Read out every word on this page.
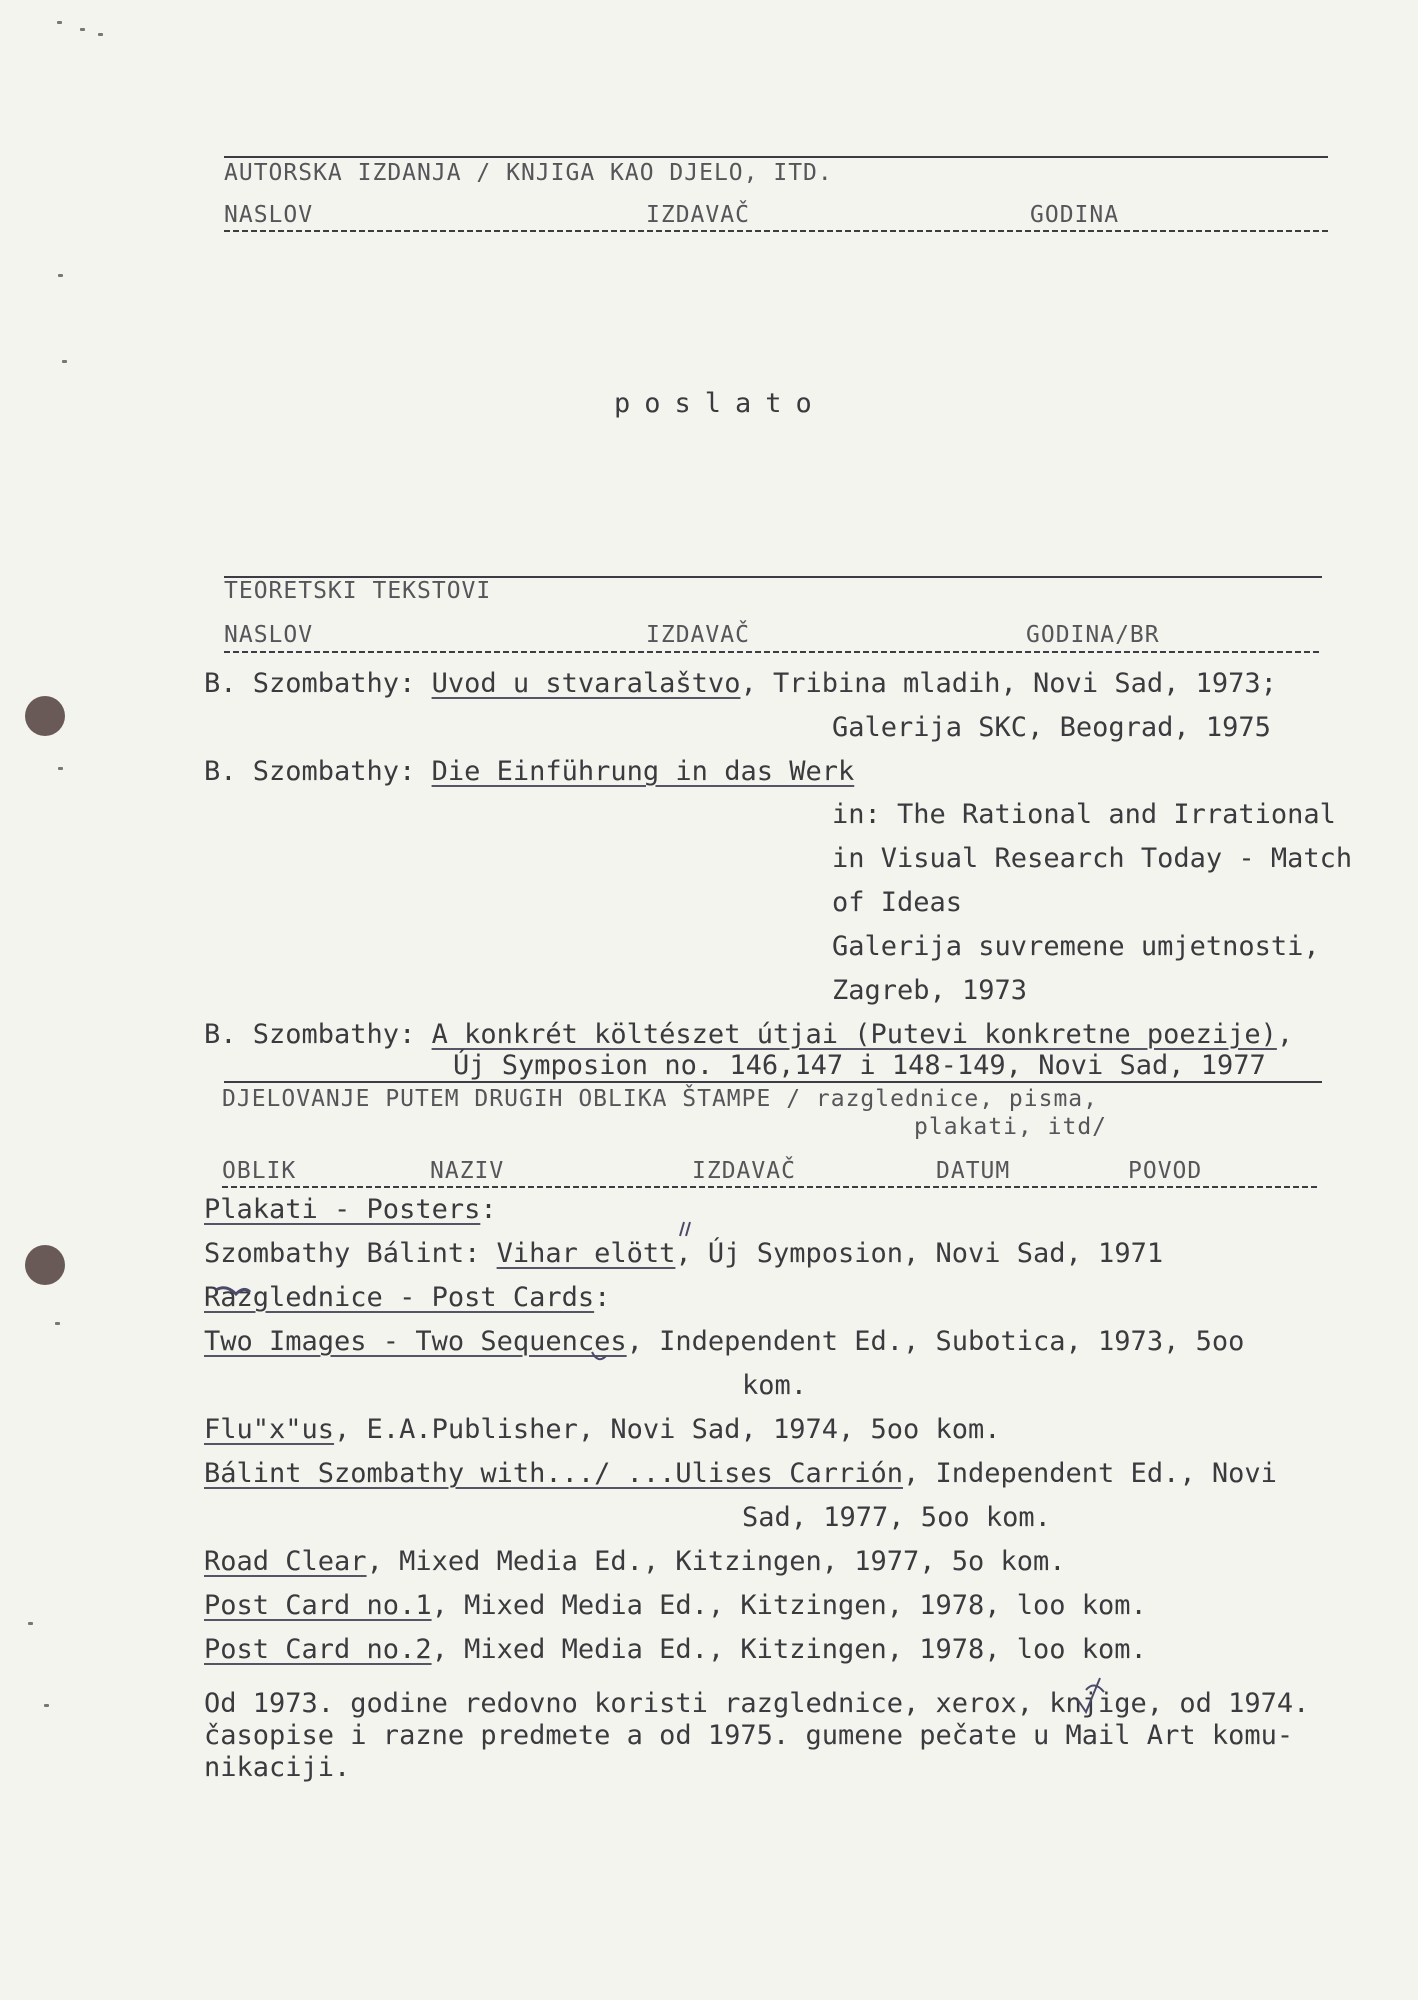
AUTORSKA IZDANJA / KNJIGA KAO DJELO, ITD.
NASLOV	IZDAVAČ	GODINA
poslato
TEORETSKI TEKSTOVI
NASLOV	IZDAVAČ	GODINA/BR
B. Szombathy: Uvod u stvaralaštvo, Tribina mladih, Novi Sad, 1973;
Galerija SKC, Beograd, 1975
B. Szombathy: Die Einführung in das Werk
in: The Rational and Irrational
in Visual Research Today - Match
of Ideas
Galerija suvremene umjetnosti,
Zagreb, 1973
B. Szombathy: A konkrét költészet útjai (Putevi konkretne poezije),
Új Symposion no. 146,147 i 148-149, Novi Sad, 1977
DJELOVANJE PUTEM DRUGIH OBLIKA ŠTAMPE / razglednice, pisma,
plakati, itd/
OBLIK	NAZIV	IZDAVAČ	DATUM	POVOD
Plakati - Posters:
Szombathy Bálint: Vihar elött, Új Symposion, Novi Sad, 1971
Razglednice - Post Cards:
Two Images - Two Sequences, Independent Ed., Subotica, 1973, 5oo
kom.
Flu"x"us, E.A.Publisher, Novi Sad, 1974, 5oo kom.
Bálint Szombathy with.../ ...Ulises Carrión, Independent Ed., Novi
Sad, 1977, 5oo kom.
Road Clear, Mixed Media Ed., Kitzingen, 1977, 5o kom.
Post Card no.1, Mixed Media Ed., Kitzingen, 1978, loo kom.
Post Card no.2, Mixed Media Ed., Kitzingen, 1978, loo kom.
Od 1973. godine redovno koristi razglednice, xerox, knjige, od 1974.
časopise i razne predmete a od 1975. gumene pečate u Mail Art komu-
nikaciji.
